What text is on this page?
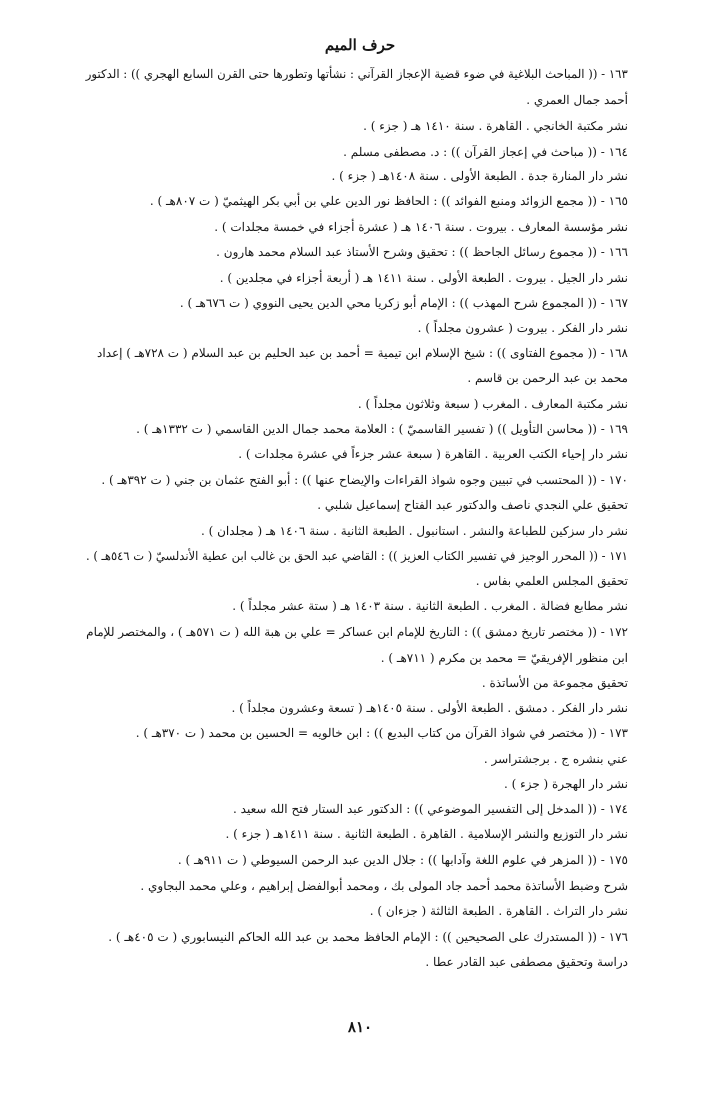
حرف الميم
١٦٣ - (( المباحث البلاغية في ضوء قضية الإعجاز القرآني : نشأتها وتطورها حتى القرن السابع الهجري )) : الدكتور
أحمد جمال العمري .
نشر مكتبة الخانجي . القاهرة . سنة ١٤١٠ هـ ( جزء ) .
١٦٤ - (( مباحث في إعجاز القرآن )) : د. مصطفى مسلم .
نشر دار المنارة جدة . الطبعة الأولى . سنة ١٤٠٨هـ ( جزء ) .
١٦٥ - (( مجمع الزوائد ومنبع الفوائد )) : الحافظ نور الدين علي بن أبي بكر الهيثميّ ( ت ٨٠٧هـ ) .
نشر مؤسسة المعارف . بيروت . سنة ١٤٠٦ هـ ( عشرة أجزاء في خمسة مجلدات ) .
١٦٦ - (( مجموع رسائل الجاحظ )) : تحقيق وشرح الأستاذ عبد السلام محمد هارون .
نشر دار الجيل . بيروت . الطبعة الأولى . سنة ١٤١١ هـ ( أربعة أجزاء في مجلدين ) .
١٦٧ - (( المجموع شرح المهذب )) : الإمام أبو زكريا محي الدين يحيى النووي ( ت ٦٧٦هـ ) .
نشر دار الفكر . بيروت ( عشرون مجلداً ) .
١٦٨ - (( مجموع الفتاوى )) : شيخ الإسلام ابن تيمية = أحمد بن عبد الحليم بن عبد السلام ( ت ٧٢٨هـ ) إعداد
محمد بن عبد الرحمن بن قاسم .
نشر مكتبة المعارف . المغرب ( سبعة وثلاثون مجلداً ) .
١٦٩ - (( محاسن التأويل )) ( تفسير القاسميّ ) : العلامة محمد جمال الدين القاسمي ( ت ١٣٣٢هـ ) .
نشر دار إحياء الكتب العربية . القاهرة ( سبعة عشر جزءاً في عشرة مجلدات ) .
١٧٠ - (( المحتسب في تبيين وجوه شواذ القراءات والإيضاح عنها )) : أبو الفتح عثمان بن جني ( ت ٣٩٢هـ ) .
تحقيق علي النجدي ناصف والدكتور عبد الفتاح إسماعيل شلبي .
نشر دار سزكين للطباعة والنشر . استانبول . الطبعة الثانية . سنة ١٤٠٦ هـ ( مجلدان ) .
١٧١ - (( المحرر الوجيز في تفسير الكتاب العزيز )) : القاضي عبد الحق بن غالب ابن عطية الأندلسيّ ( ت ٥٤٦هـ ) .
تحقيق المجلس العلمي بفاس .
نشر مطابع فضالة . المغرب . الطبعة الثانية . سنة ١٤٠٣ هـ ( ستة عشر مجلداً ) .
١٧٢ - (( مختصر تاريخ دمشق )) : التاريخ للإمام ابن عساكر = علي بن هبة الله ( ت ٥٧١هـ ) ، والمختصر للإمام
ابن منظور الإفريقيّ = محمد بن مكرم ( ٧١١هـ ) .
تحقيق مجموعة من الأساتذة .
نشر دار الفكر . دمشق . الطبعة الأولى . سنة ١٤٠٥هـ ( تسعة وعشرون مجلداً ) .
١٧٣ - (( مختصر في شواذ القرآن من كتاب البديع )) : ابن خالويه = الحسين بن محمد ( ت ٣٧٠هـ ) .
عني بنشره ج . برجشتراسر .
نشر دار الهجرة ( جزء ) .
١٧٤ - (( المدخل إلى التفسير الموضوعي )) : الدكتور عبد الستار فتح الله سعيد .
نشر دار التوزيع والنشر الإسلامية . القاهرة . الطبعة الثانية . سنة ١٤١١هـ ( جزء ) .
١٧٥ - (( المزهر في علوم اللغة وآدابها )) : جلال الدين عبد الرحمن السيوطي ( ت ٩١١هـ ) .
شرح وضبط الأساتذة محمد أحمد جاد المولى بك ، ومحمد أبوالفضل إبراهيم ، وعلي محمد البجاوي .
نشر دار التراث . القاهرة . الطبعة الثالثة ( جزءان ) .
١٧٦ - (( المستدرك على الصحيحين )) : الإمام الحافظ محمد بن عبد الله الحاكم النيسابوري ( ت ٤٠٥هـ ) .
دراسة وتحقيق مصطفى عبد القادر عطا .
٨١٠
